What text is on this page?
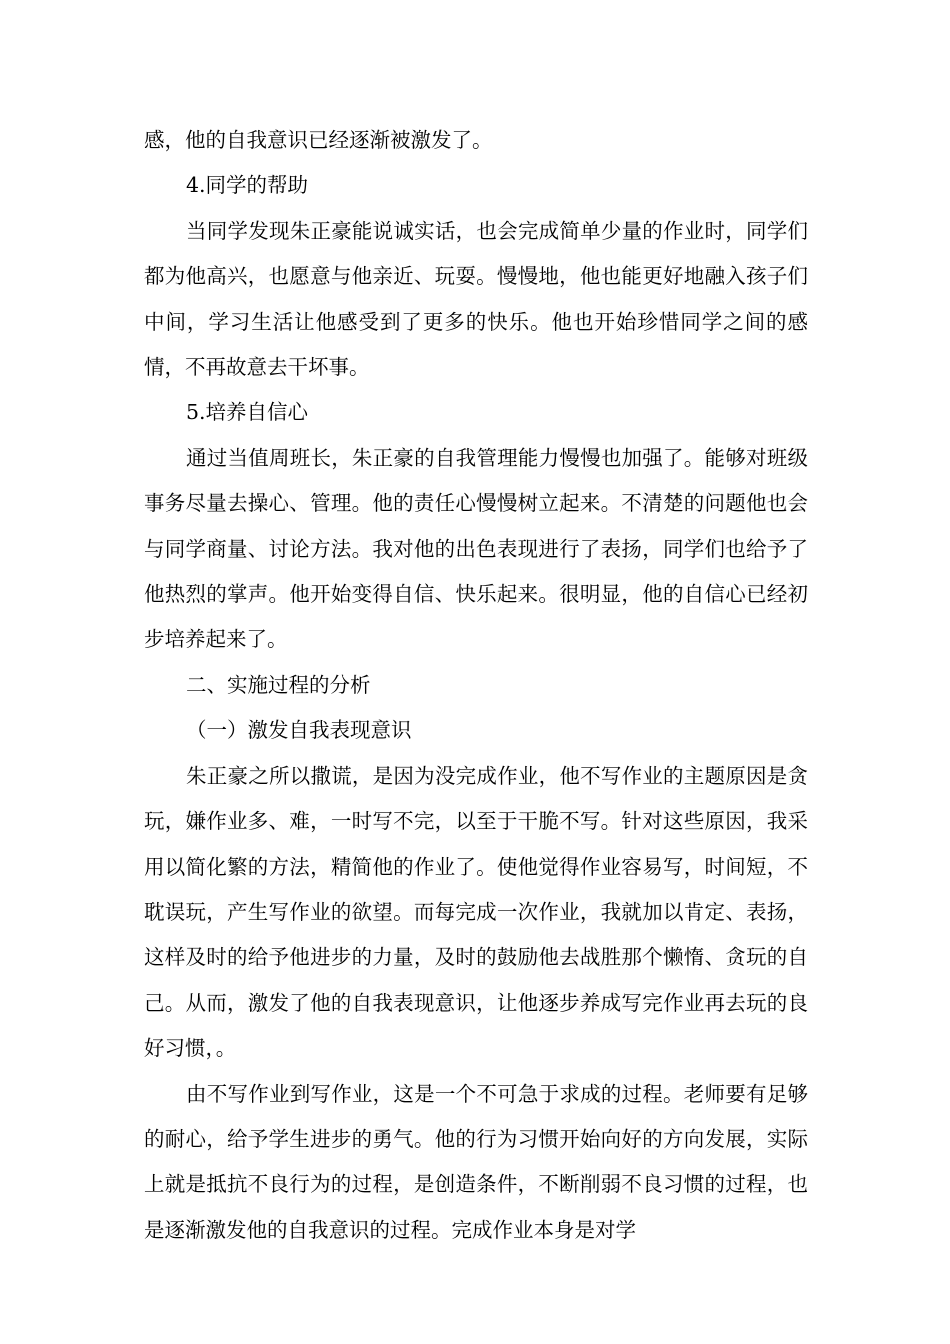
感，他的自我意识已经逐渐被激发了。

4.同学的帮助

当同学发现朱正豪能说诚实话，也会完成简单少量的作业时，同学们都为他高兴，也愿意与他亲近、玩耍。慢慢地，他也能更好地融入孩子们中间，学习生活让他感受到了更多的快乐。他也开始珍惜同学之间的感情，不再故意去干坏事。

5.培养自信心

通过当值周班长，朱正豪的自我管理能力慢慢也加强了。能够对班级事务尽量去操心、管理。他的责任心慢慢树立起来。不清楚的问题他也会与同学商量、讨论方法。我对他的出色表现进行了表扬，同学们也给予了他热烈的掌声。他开始变得自信、快乐起来。很明显，他的自信心已经初步培养起来了。

二、实施过程的分析

（一）激发自我表现意识

朱正豪之所以撒谎，是因为没完成作业，他不写作业的主题原因是贪玩，嫌作业多、难，一时写不完，以至于干脆不写。针对这些原因，我采用以简化繁的方法，精简他的作业了。使他觉得作业容易写，时间短，不耽误玩，产生写作业的欲望。而每完成一次作业，我就加以肯定、表扬，这样及时的给予他进步的力量，及时的鼓励他去战胜那个懒惰、贪玩的自己。从而，激发了他的自我表现意识，让他逐步养成写完作业再去玩的良好习惯，。

由不写作业到写作业，这是一个不可急于求成的过程。老师要有足够的耐心，给予学生进步的勇气。他的行为习惯开始向好的方向发展，实际上就是抵抗不良行为的过程，是创造条件，不断削弱不良习惯的过程，也是逐渐激发他的自我意识的过程。完成作业本身是对学
